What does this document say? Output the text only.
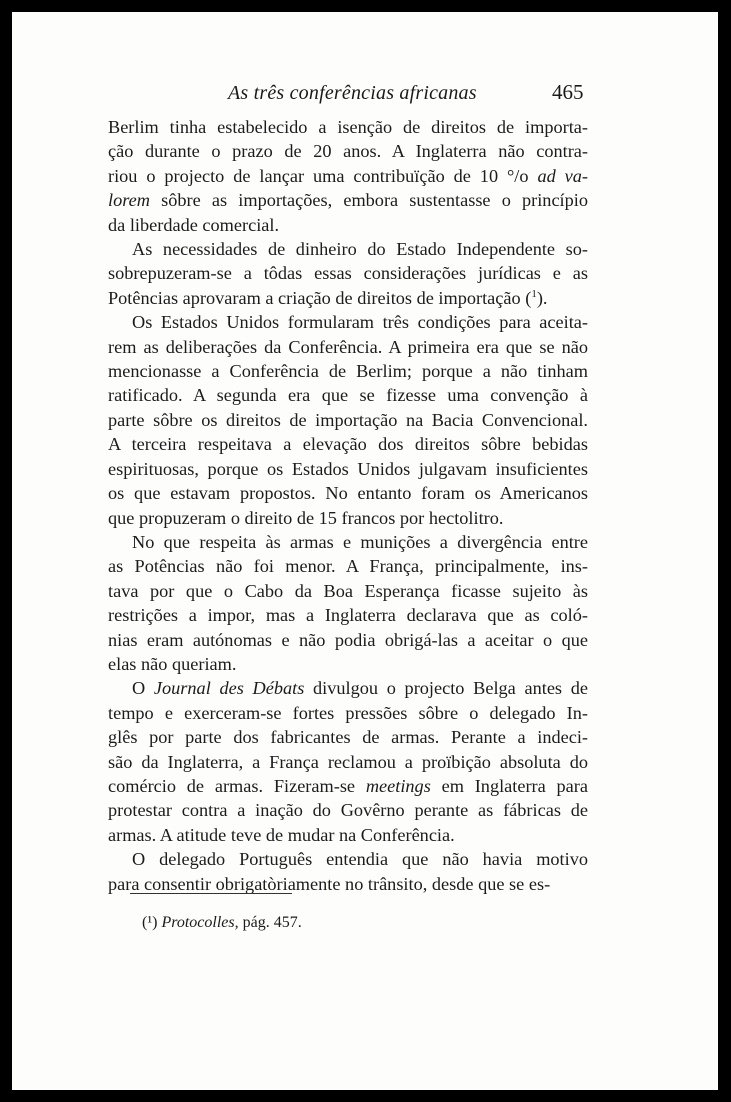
As três conferências africanas	465

Berlim tinha estabelecido a isenção de direitos de importa-
ção durante o prazo de 20 anos. A Inglaterra não contra-
riou o projecto de lançar uma contribuïção de 10 °/o ad va-
lorem sôbre as importações, embora sustentasse o princípio
da liberdade comercial.

As necessidades de dinheiro do Estado Independente so-
sobrepuzeram-se a tôdas essas considerações jurídicas e as
Potências aprovaram a criação de direitos de importação ($^1$).

Os Estados Unidos formularam três condições para aceita-
rem as deliberações da Conferência. A primeira era que se não
mencionasse a Conferência de Berlim; porque a não tinham
ratificado. A segunda era que se fizesse uma convenção à
parte sôbre os direitos de importação na Bacia Convencional.
A terceira respeitava a elevação dos direitos sôbre bebidas
espirituosas, porque os Estados Unidos julgavam insuficientes
os que estavam propostos. No entanto foram os Americanos
que propuzeram o direito de 15 francos por hectolitro.

No que respeita às armas e munições a divergência entre
as Potências não foi menor. A França, principalmente, ins-
tava por que o Cabo da Boa Esperança ficasse sujeito às
restrições a impor, mas a Inglaterra declarava que as coló-
nias eram autónomas e não podia obrigá-las a aceitar o que
elas não queriam.

O Journal des Débats divulgou o projecto Belga antes de
tempo e exerceram-se fortes pressões sôbre o delegado In-
glês por parte dos fabricantes de armas. Perante a indeci-
são da Inglaterra, a França reclamou a proïbição absoluta do
comércio de armas. Fizeram-se meetings em Inglaterra para
protestar contra a inação do Govêrno perante as fábricas de
armas. A atitude teve de mudar na Conferência.

O delegado Português entendia que não havia motivo
para consentir obrigatòriamente no trânsito, desde que se es-

(¹) Protocolles, pág. 457.
